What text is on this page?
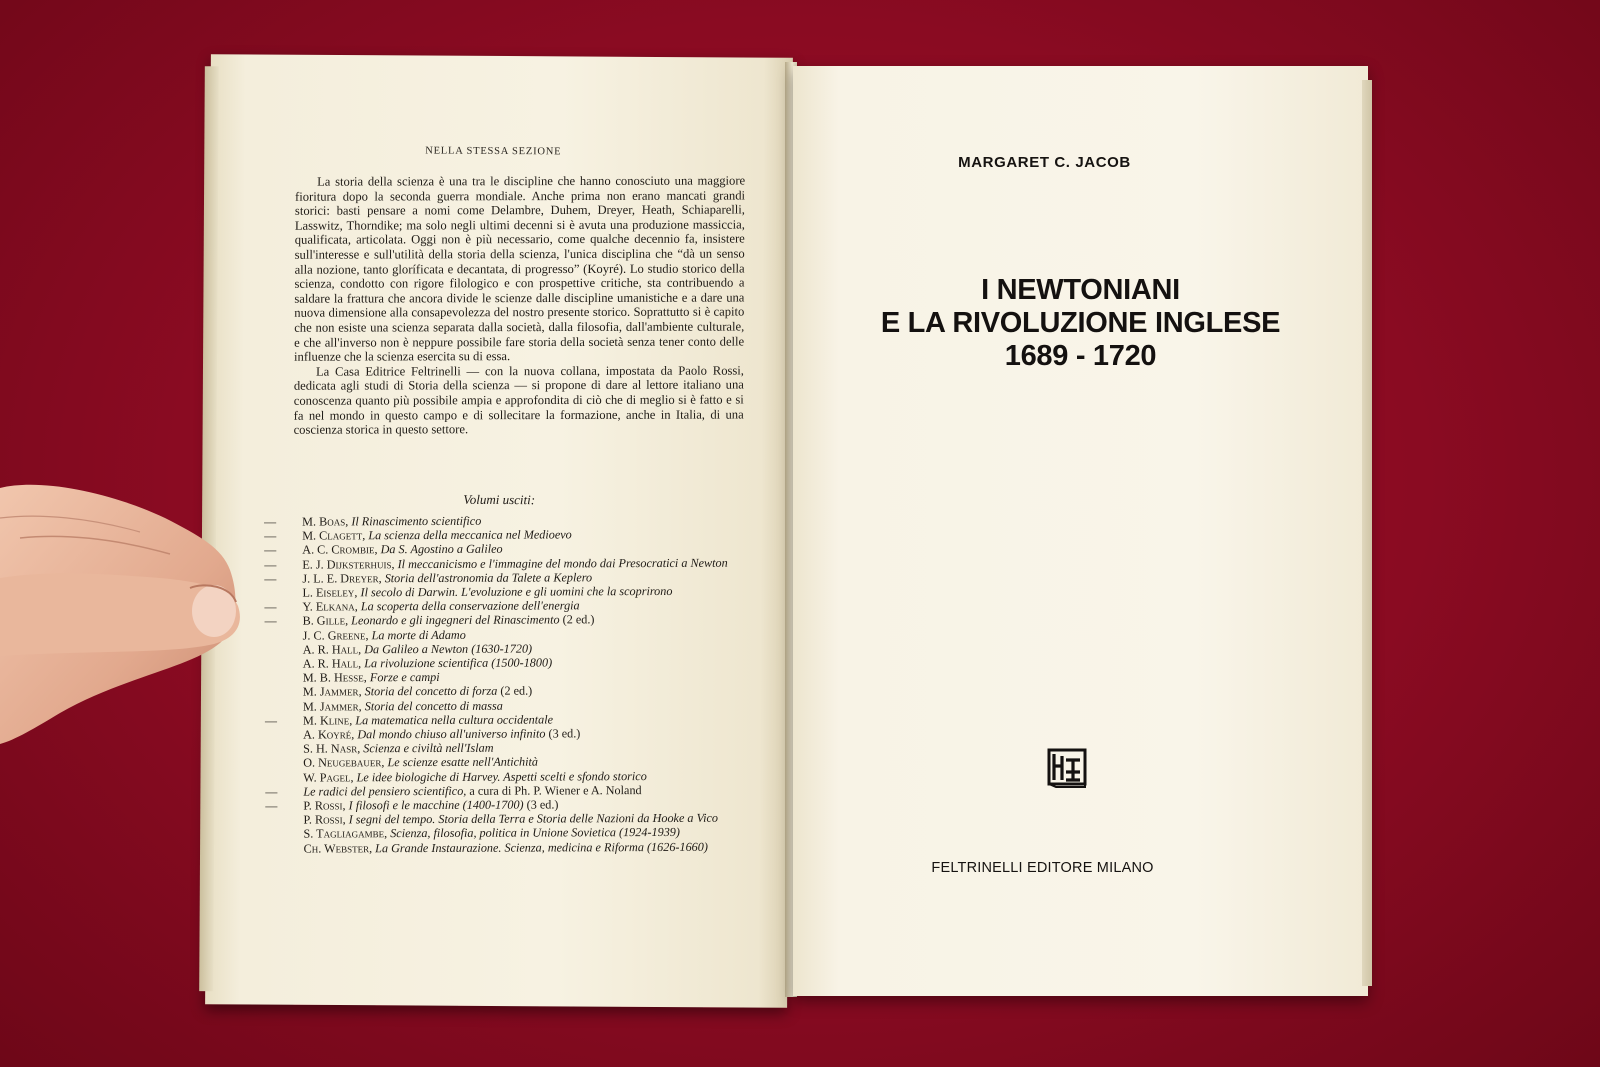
NELLA STESSA SEZIONE

La storia della scienza è una tra le discipline che hanno conosciuto una maggiore fioritura dopo la seconda guerra mondiale. Anche prima non erano mancati grandi storici: basti pensare a nomi come Delambre, Duhem, Dreyer, Heath, Schiaparelli, Lasswitz, Thorndike; ma solo negli ultimi decenni si è avuta una produzione massiccia, qualificata, articolata. Oggi non è più necessario, come qualche decennio fa, insistere sull'interesse e sull'utilità della storia della scienza, l'unica disciplina che “dà un senso alla nozione, tanto gloríficata e decantata, di progresso” (Koyré). Lo studio storico della scienza, condotto con rigore filologico e con prospettive critiche, sta contribuendo a saldare la frattura che ancora divide le scienze dalle discipline umanistiche e a dare una nuova dimensione alla consapevolezza del nostro presente storico. Soprattutto si è capito che non esiste una scienza separata dalla società, dalla filosofia, dall'ambiente culturale, e che all'inverso non è neppure possibile fare storia della società senza tener conto delle influenze che la scienza esercita su di essa.

La Casa Editrice Feltrinelli — con la nuova collana, impostata da Paolo Rossi, dedicata agli studi di Storia della scienza — si propone di dare al lettore italiano una conoscenza quanto più possibile ampia e approfondita di ciò che di meglio si è fatto e si fa nel mondo in questo campo e di sollecitare la formazione, anche in Italia, di una coscienza storica in questo settore.

Volumi usciti:
— M. Boas, Il Rinascimento scientifico
— M. Clagett, La scienza della meccanica nel Medioevo
— A. C. Crombie, Da S. Agostino a Galileo
— E. J. Dijksterhuis, Il meccanicismo e l'immagine del mondo dai Presocratici a Newton
— J. L. E. Dreyer, Storia dell'astronomia da Talete a Keplero
L. Eiseley, Il secolo di Darwin. L'evoluzione e gli uomini che la scoprirono
— Y. Elkana, La scoperta della conservazione dell'energia
— B. Gille, Leonardo e gli ingegneri del Rinascimento (2 ed.)
J. C. Greene, La morte di Adamo
A. R. Hall, Da Galileo a Newton (1630-1720)
A. R. Hall, La rivoluzione scientifica (1500-1800)
M. B. Hesse, Forze e campi
M. Jammer, Storia del concetto di forza (2 ed.)
M. Jammer, Storia del concetto di massa
— M. Kline, La matematica nella cultura occidentale
A. Koyré, Dal mondo chiuso all'universo infinito (3 ed.)
S. H. Nasr, Scienza e civiltà nell'Islam
O. Neugebauer, Le scienze esatte nell'Antichità
W. Pagel, Le idee biologiche di Harvey. Aspetti scelti e sfondo storico
— Le radici del pensiero scientifico, a cura di Ph. P. Wiener e A. Noland
— P. Rossi, I filosofi e le macchine (1400-1700) (3 ed.)
P. Rossi, I segni del tempo. Storia della Terra e Storia delle Nazioni da Hooke a Vico
S. Tagliagambe, Scienza, filosofia, politica in Unione Sovietica (1924-1939)
Ch. Webster, La Grande Instaurazione. Scienza, medicina e Riforma (1626-1660)
MARGARET C. JACOB
I NEWTONIANI
E LA RIVOLUZIONE INGLESE
1689 - 1720
FELTRINELLI EDITORE MILANO
